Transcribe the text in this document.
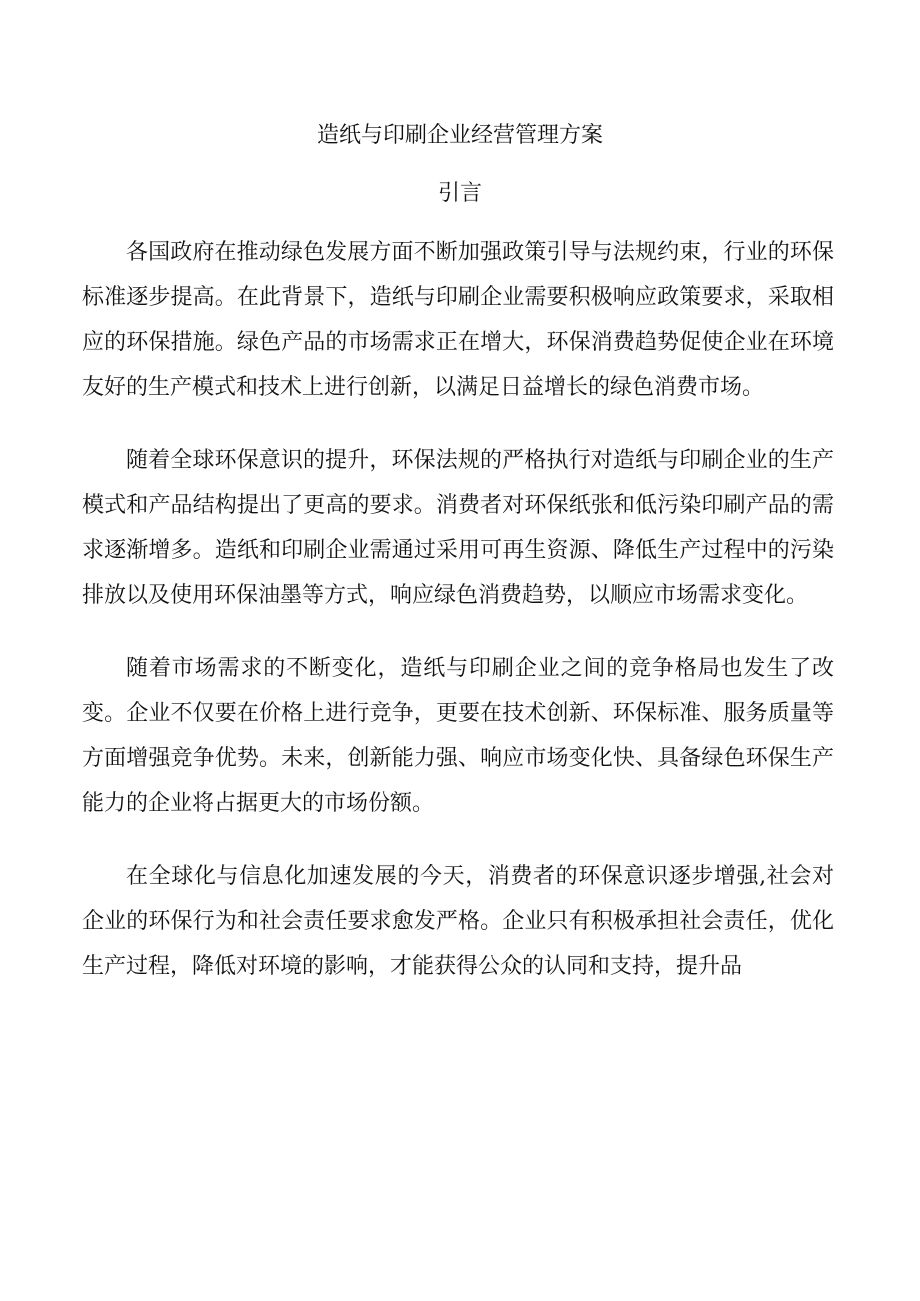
造纸与印刷企业经营管理方案
引言

各国政府在推动绿色发展方面不断加强政策引导与法规约束，行业的环保标准逐步提高。在此背景下，造纸与印刷企业需要积极响应政策要求，采取相应的环保措施。绿色产品的市场需求正在增大，环保消费趋势促使企业在环境友好的生产模式和技术上进行创新，以满足日益增长的绿色消费市场。

随着全球环保意识的提升，环保法规的严格执行对造纸与印刷企业的生产模式和产品结构提出了更高的要求。消费者对环保纸张和低污染印刷产品的需求逐渐增多。造纸和印刷企业需通过采用可再生资源、降低生产过程中的污染排放以及使用环保油墨等方式，响应绿色消费趋势，以顺应市场需求变化。

随着市场需求的不断变化，造纸与印刷企业之间的竞争格局也发生了改变。企业不仅要在价格上进行竞争，更要在技术创新、环保标准、服务质量等方面增强竞争优势。未来，创新能力强、响应市场变化快、具备绿色环保生产能力的企业将占据更大的市场份额。

在全球化与信息化加速发展的今天，消费者的环保意识逐步增强,社会对企业的环保行为和社会责任要求愈发严格。企业只有积极承担社会责任，优化生产过程，降低对环境的影响，才能获得公众的认同和支持，提升品
